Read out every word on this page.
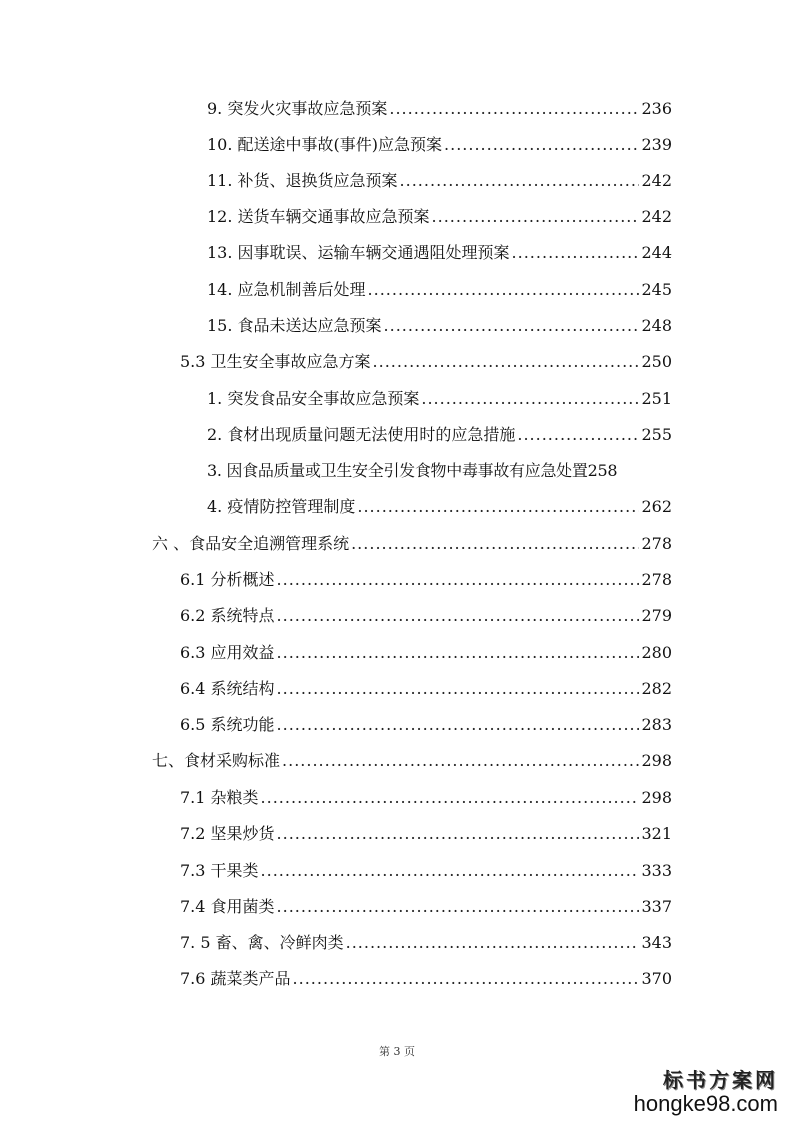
9. 突发火灾事故应急预案 .....	236
10. 配送途中事故(事件)应急预案 .....	239
11. 补货、退换货应急预案 .....	242
12. 送货车辆交通事故应急预案 .....	242
13. 因事耽误、运输车辆交通遇阻处理预案 .....	244
14. 应急机制善后处理 .....	245
15. 食品未送达应急预案 .....	248
5.3 卫生安全事故应急方案 .....	250
1. 突发食品安全事故应急预案 .....	251
2. 食材出现质量问题无法使用时的应急措施 .....	255
3. 因食品质量或卫生安全引发食物中毒事故有应急处置 258
4. 疫情防控管理制度 .....	262
六 、食品安全追溯管理系统 .....	278
6.1 分析概述 .....	278
6.2 系统特点 .....	279
6.3 应用效益 .....	280
6.4 系统结构 .....	282
6.5 系统功能 .....	283
七、食材采购标准 .....	298
7.1 杂粮类 .....	298
7.2 坚果炒货 .....	321
7.3 干果类 .....	333
7.4 食用菌类 .....	337
7. 5 畜、禽、冷鲜肉类 .....	343
7.6 蔬菜类产品 .....	370
第 3 页
标书方案网
hongke98.com
